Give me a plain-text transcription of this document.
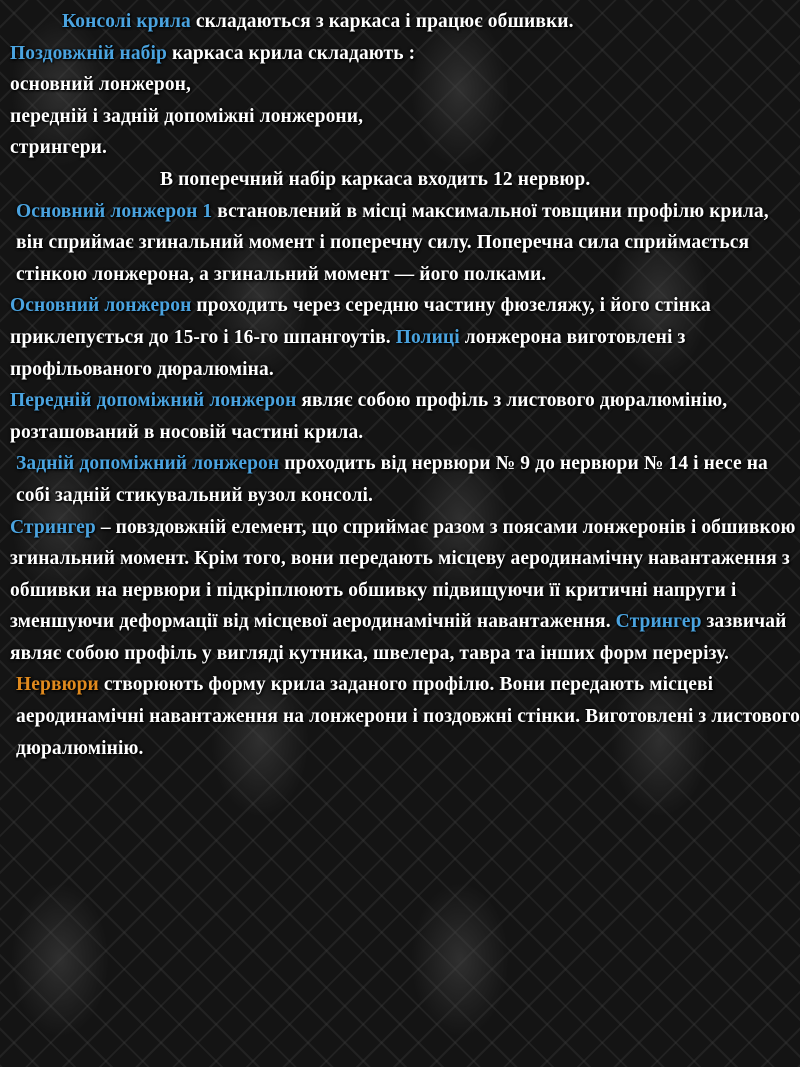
Консолі крила складаються з каркаса і працює обшивки.

Поздовжній набір каркаса крила складають :

основний лонжерон,

передній і задній допоміжні лонжерони,

стрингери.

В поперечний набір каркаса входить 12 нервюр.

Основний лонжерон 1 встановлений в місці максимальної товщини профілю крила, він сприймає згинальний момент і поперечну силу. Поперечна сила сприймається стінкою лонжерона, а згинальний момент — його полками.

Основний лонжерон проходить через середню частину фюзеляжу, і його стінка приклепується до 15-го і 16-го шпангоутів. Полиці лонжерона виготовлені з профільованого дюралюміна.

Передній допоміжний лонжерон являє собою профіль з листового дюралюмінію, розташований в носовій частині крила.

Задній допоміжний лонжерон проходить від нервюри № 9 до нервюри № 14 і несе на собі задній стикувальний вузол консолі.

Стрингер – повздовжній елемент, що сприймає разом з поясами лонжеронів і обшивкою згинальний момент. Крім того, вони передають місцеву аеродинамічну навантаження з обшивки на нервюри і підкріплюють обшивку підвищуючи її критичні напруги і зменшуючи деформації від місцевої аеродинамічній навантаження. Стрингер зазвичай являє собою профіль у вигляді кутника, швелера, тавра та інших форм перерізу.

Нервюри створюють форму крила заданого профілю. Вони передають місцеві аеродинамічні навантаження на лонжерони і поздовжні стінки. Виготовлені з листового дюралюмінію.
